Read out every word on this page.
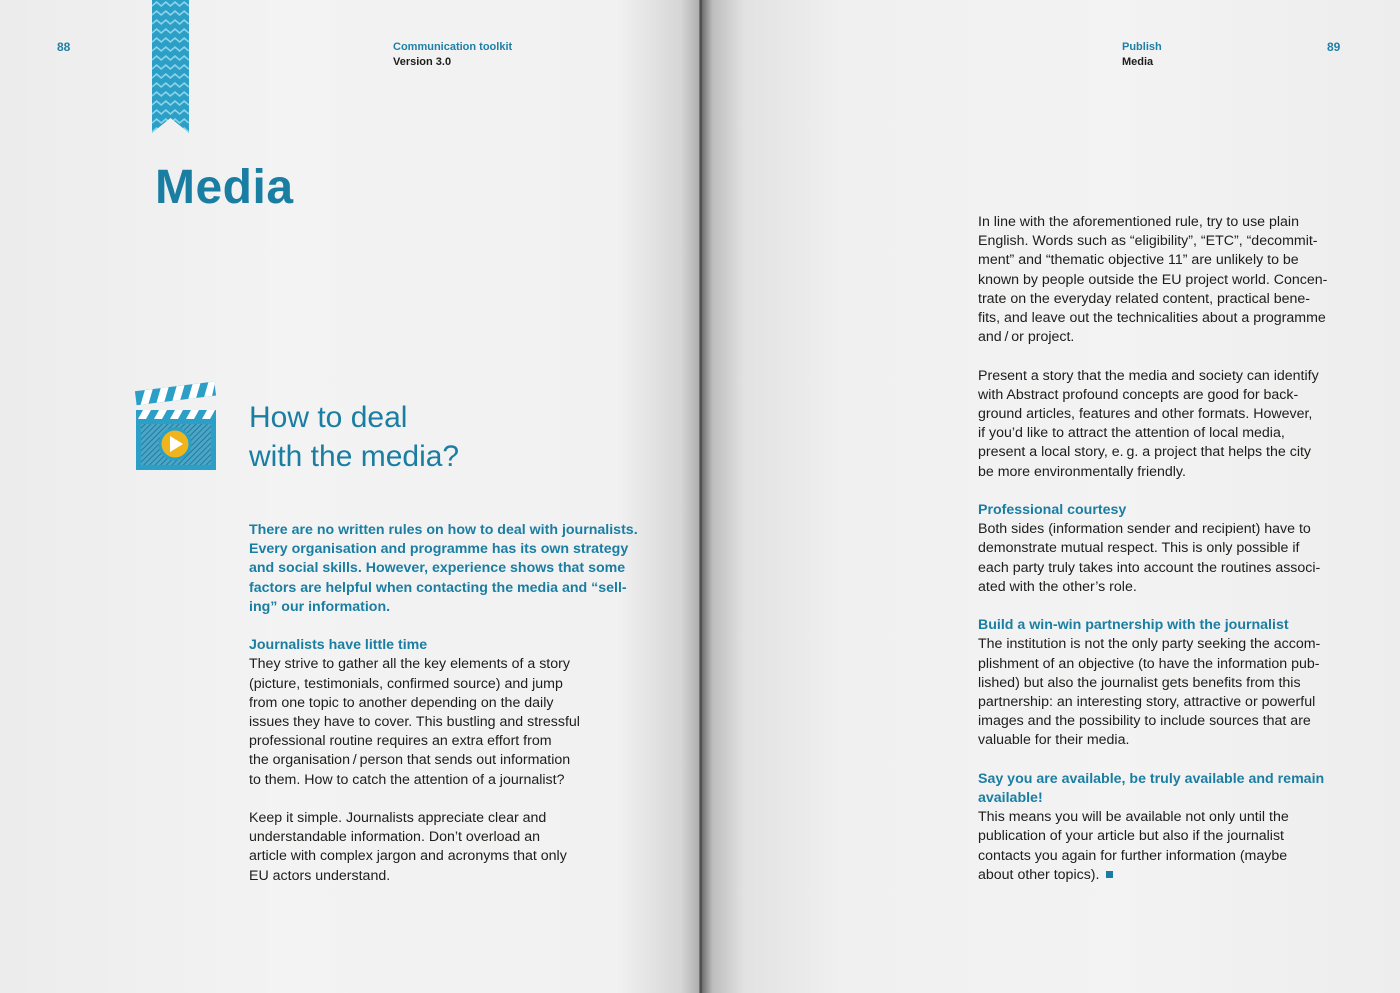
88	Communication toolkit
Version 3.0
Media
How to deal
with the media?

There are no written rules on how to deal with journalists.

Every organisation and programme has its own strategy

and social skills. However, experience shows that some

factors are helpful when contacting the media and “sell-

ing” our information.

Journalists have little time

They strive to gather all the key elements of a story

(picture, testimonials, confirmed source) and jump

from one topic to another depending on the daily

issues they have to cover. This bustling and stressful

professional routine requires an extra effort from

the organisation / person that sends out information

to them. How to catch the attention of a journalist?

Keep it simple. Journalists appreciate clear and

understandable information. Don’t overload an

article with complex jargon and acronyms that only

EU actors understand.

Publish
Media
89

In line with the aforementioned rule, try to use plain

English. Words such as “eligibility”, “ETC”, “decommit-

ment” and “thematic objective 11” are unlikely to be

known by people outside the EU project world. Concen-

trate on the everyday related content, practical bene-

fits, and leave out the technicalities about a programme

and / or project.

Present a story that the media and society can identify

with Abstract profound concepts are good for back-

ground articles, features and other formats. However,

if you’d like to attract the attention of local media,

present a local story, e. g. a project that helps the city

be more environmentally friendly.

Professional courtesy

Both sides (information sender and recipient) have to

demonstrate mutual respect. This is only possible if

each party truly takes into account the routines associ-

ated with the other’s role.

Build a win-win partnership with the journalist

The institution is not the only party seeking the accom-

plishment of an objective (to have the information pub-

lished) but also the journalist gets benefits from this

partnership: an interesting story, attractive or powerful

images and the possibility to include sources that are

valuable for their media.

Say you are available, be truly available and remain

available!

This means you will be available not only until the

publication of your article but also if the journalist

contacts you again for further information (maybe

about other topics).
